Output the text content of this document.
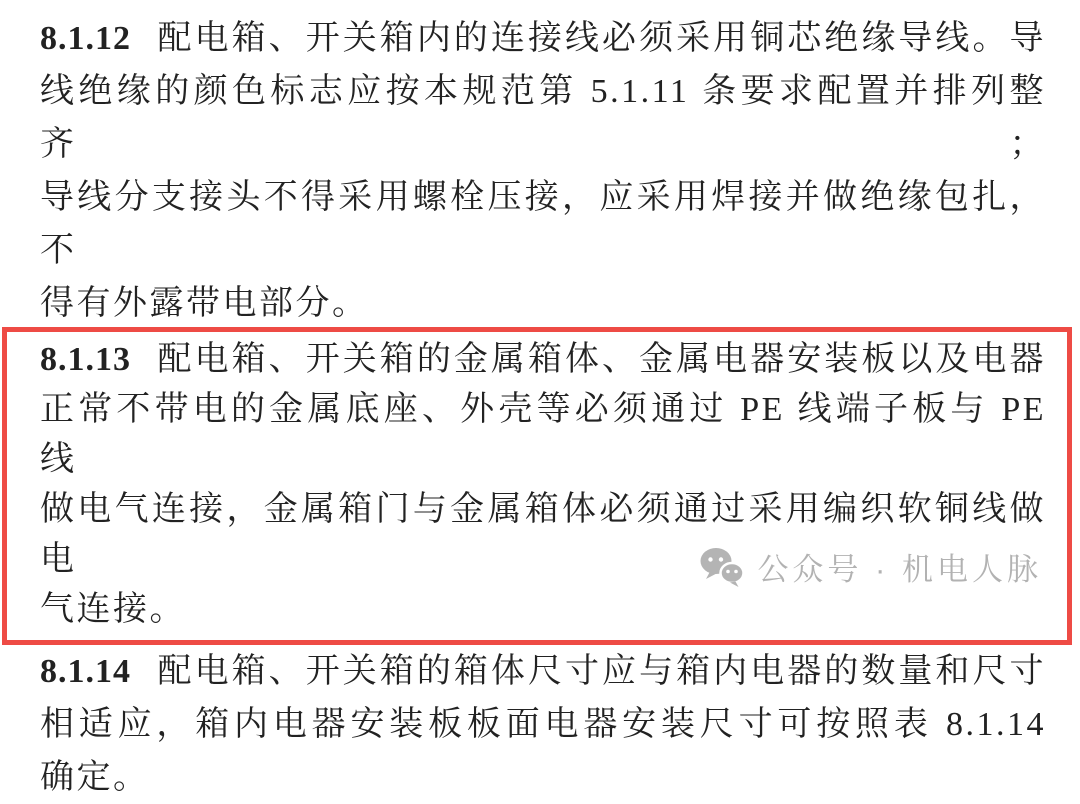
8.1.12 配电箱、开关箱内的连接线必须采用铜芯绝缘导线。导
线绝缘的颜色标志应按本规范第 5.1.11 条要求配置并排列整齐；
导线分支接头不得采用螺栓压接，应采用焊接并做绝缘包扎，不
得有外露带电部分。
8.1.13 配电箱、开关箱的金属箱体、金属电器安装板以及电器
正常不带电的金属底座、外壳等必须通过 PE 线端子板与 PE 线
做电气连接，金属箱门与金属箱体必须通过采用编织软铜线做电
气连接。
8.1.14 配电箱、开关箱的箱体尺寸应与箱内电器的数量和尺寸
相适应，箱内电器安装板板面电器安装尺寸可按照表 8.1.14
确定。
公众号 · 机电人脉
